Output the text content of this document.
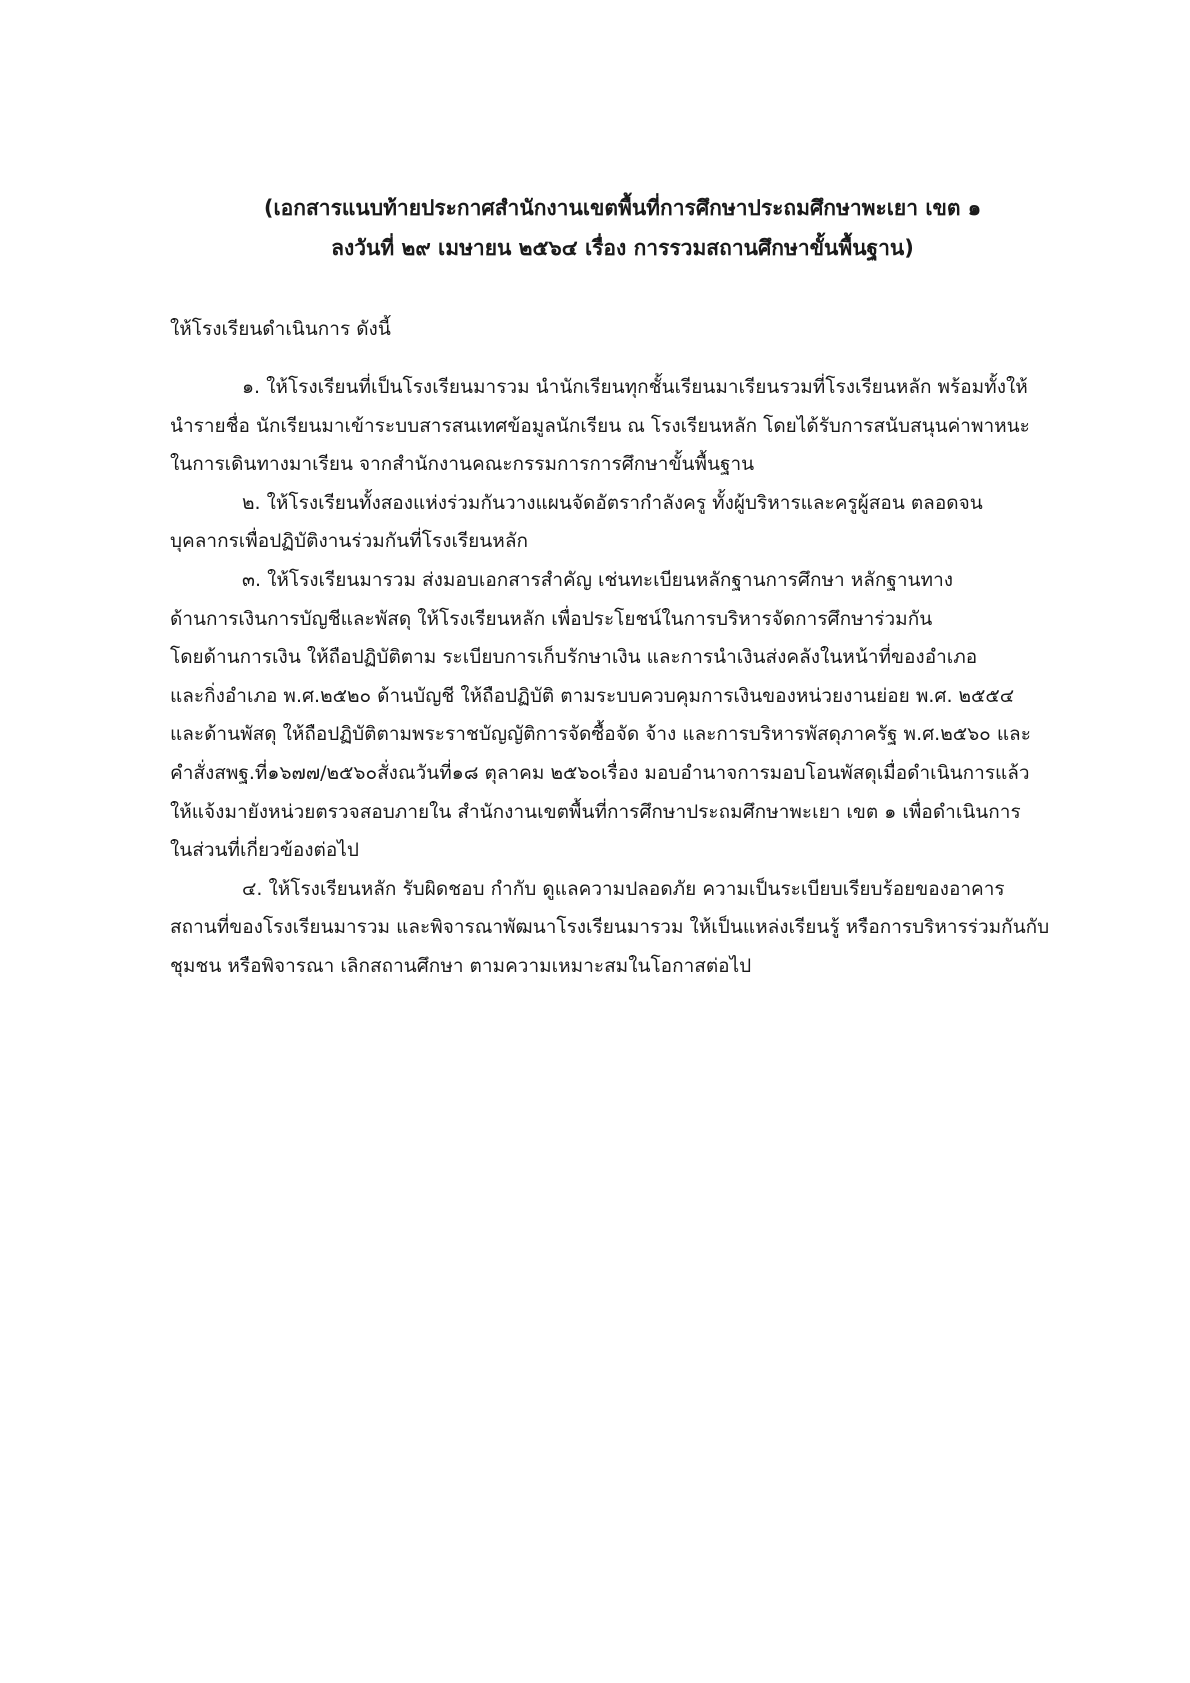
(เอกสารแนบท้ายประกาศสำนักงานเขตพื้นที่การศึกษาประถมศึกษาพะเยา เขต ๑
ลงวันที่ ๒๙ เมษายน ๒๕๖๔ เรื่อง การรวมสถานศึกษาขั้นพื้นฐาน)
ให้โรงเรียนดำเนินการ ดังนี้
๑. ให้โรงเรียนที่เป็นโรงเรียนมารวม นำนักเรียนทุกชั้นเรียนมาเรียนรวมที่โรงเรียนหลัก พร้อมทั้งให้
นำรายชื่อ นักเรียนมาเข้าระบบสารสนเทศข้อมูลนักเรียน ณ โรงเรียนหลัก โดยได้รับการสนับสนุนค่าพาหนะ
ในการเดินทางมาเรียน จากสำนักงานคณะกรรมการการศึกษาขั้นพื้นฐาน
๒. ให้โรงเรียนทั้งสองแห่งร่วมกันวางแผนจัดอัตรากำลังครู ทั้งผู้บริหารและครูผู้สอน ตลอดจน
บุคลากรเพื่อปฏิบัติงานร่วมกันที่โรงเรียนหลัก
๓. ให้โรงเรียนมารวม ส่งมอบเอกสารสำคัญ เช่นทะเบียนหลักฐานการศึกษา หลักฐานทาง
ด้านการเงินการบัญชีและพัสดุ ให้โรงเรียนหลัก เพื่อประโยชน์ในการบริหารจัดการศึกษาร่วมกัน
โดยด้านการเงิน ให้ถือปฏิบัติตาม ระเบียบการเก็บรักษาเงิน และการนำเงินส่งคลังในหน้าที่ของอำเภอ
และกิ่งอำเภอ พ.ศ.๒๕๒๐ ด้านบัญชี ให้ถือปฏิบัติ ตามระบบควบคุมการเงินของหน่วยงานย่อย พ.ศ. ๒๕๕๔
และด้านพัสดุ ให้ถือปฏิบัติตามพระราชบัญญัติการจัดซื้อจัด จ้าง และการบริหารพัสดุภาครัฐ พ.ศ.๒๕๖๐ และ
คำสั่งสพฐ.ที่๑๖๗๗/๒๕๖๐สั่งณวันที่๑๘ ตุลาคม ๒๕๖๐เรื่อง มอบอำนาจการมอบโอนพัสดุเมื่อดำเนินการแล้ว
ให้แจ้งมายังหน่วยตรวจสอบภายใน สำนักงานเขตพื้นที่การศึกษาประถมศึกษาพะเยา เขต ๑ เพื่อดำเนินการ
ในส่วนที่เกี่ยวข้องต่อไป
๔. ให้โรงเรียนหลัก รับผิดชอบ กำกับ ดูแลความปลอดภัย ความเป็นระเบียบเรียบร้อยของอาคาร
สถานที่ของโรงเรียนมารวม และพิจารณาพัฒนาโรงเรียนมารวม ให้เป็นแหล่งเรียนรู้ หรือการบริหารร่วมกันกับ
ชุมชน หรือพิจารณา เลิกสถานศึกษา ตามความเหมาะสมในโอกาสต่อไป
